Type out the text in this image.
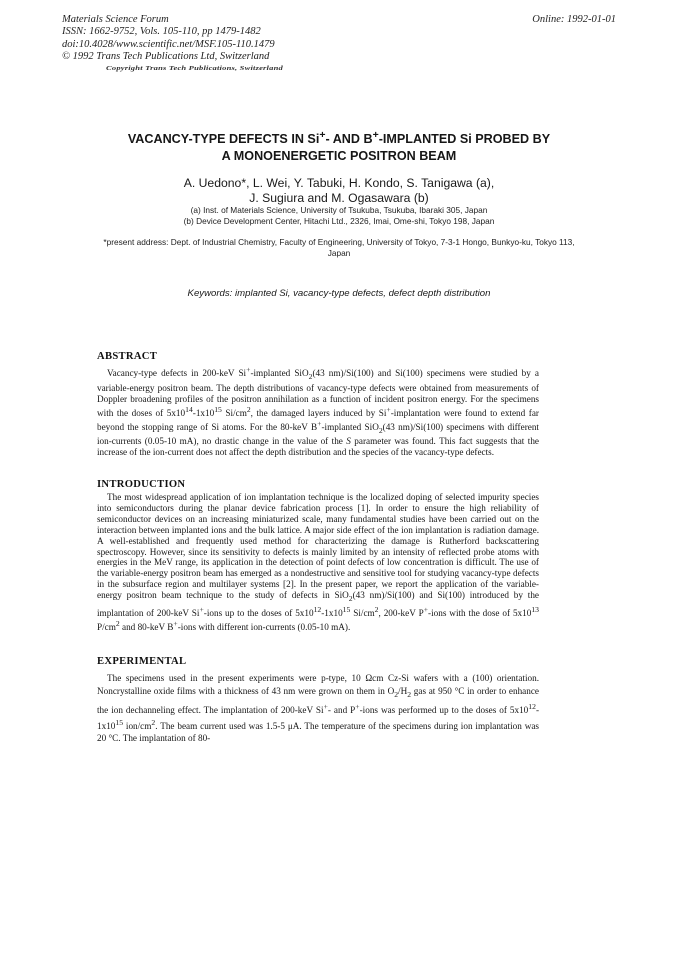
Materials Science Forum
ISSN: 1662-9752, Vols. 105-110, pp 1479-1482
doi:10.4028/www.scientific.net/MSF.105-110.1479
© 1992 Trans Tech Publications Ltd, Switzerland
Online: 1992-01-01
Copyright Trans Tech Publications, Switzerland
VACANCY-TYPE DEFECTS IN Si+- AND B+-IMPLANTED Si PROBED BY
A MONOENERGETIC POSITRON BEAM
A. Uedono*, L. Wei, Y. Tabuki, H. Kondo, S. Tanigawa (a),
J. Sugiura and M. Ogasawara (b)
(a) Inst. of Materials Science, University of Tsukuba, Tsukuba, Ibaraki 305, Japan
(b) Device Development Center, Hitachi Ltd., 2326, Imai, Ome-shi, Tokyo 198, Japan
*present address: Dept. of Industrial Chemistry, Faculty of Engineering, University of Tokyo, 7-3-1 Hongo, Bunkyo-ku, Tokyo 113, Japan
Keywords: implanted Si, vacancy-type defects, defect depth distribution
ABSTRACT

Vacancy-type defects in 200-keV Si+-implanted SiO$_2$(43 nm)/Si(100) and Si(100) specimens were studied by a variable-energy positron beam. The depth distributions of vacancy-type defects were obtained from measurements of Doppler broadening profiles of the positron annihilation as a function of incident positron energy. For the specimens with the doses of $5x10^{14}-1x10^{15}$ $Si/cm^2$, the damaged layers induced by Si+-implantation were found to extend far beyond the stopping range of Si atoms. For the 80-keV B+-implanted SiO$_2$(43 nm)/Si(100) specimens with different ion-currents (0.05-10 mA), no drastic change in the value of the S parameter was found. This fact suggests that the increase of the ion-current does not affect the depth distribution and the species of the vacancy-type defects.

INTRODUCTION

The most widespread application of ion implantation technique is the localized doping of selected impurity species into semiconductors during the planar device fabrication process [1]. In order to ensure the high reliability of semiconductor devices on an increasing miniaturized scale, many fundamental studies have been carried out on the interaction between implanted ions and the bulk lattice. A major side effect of the ion implantation is radiation damage. A well-established and frequently used method for characterizing the damage is Rutherford backscattering spectroscopy. However, since its sensitivity to defects is mainly limited by an intensity of reflected probe atoms with energies in the MeV range, its application in the detection of point defects of low concentration is difficult. The use of the variable-energy positron beam has emerged as a nondestructive and sensitive tool for studying vacancy-type defects in the subsurface region and multilayer systems [2]. In the present paper, we report the application of the variable-energy positron beam technique to the study of defects in SiO$_2$(43 nm)/Si(100) and Si(100) introduced by the implantation of 200-keV Si+-ions up to the doses of $5x10^{12}-1x10^{15}$ $Si/cm^2$, 200-keV P+-ions with the dose of $5x10^{13}$ $P/cm^2$ and 80-keV B+-ions with different ion-currents (0.05-10 mA).

EXPERIMENTAL

The specimens used in the present experiments were p-type, 10 Ωcm Cz-Si wafers with a (100) orientation. Noncrystalline oxide films with a thickness of 43 nm were grown on them in $O_2/H_2$ gas at 950 °C in order to enhance the ion dechanneling effect. The implantation of 200-keV Si+- and P+-ions was performed up to the doses of $5x10^{12}-1x10^{15}$ ion/$cm^2$. The beam current used was 1.5-5 μA. The temperature of the specimens during ion implantation was 20 °C. The implantation of 80-
